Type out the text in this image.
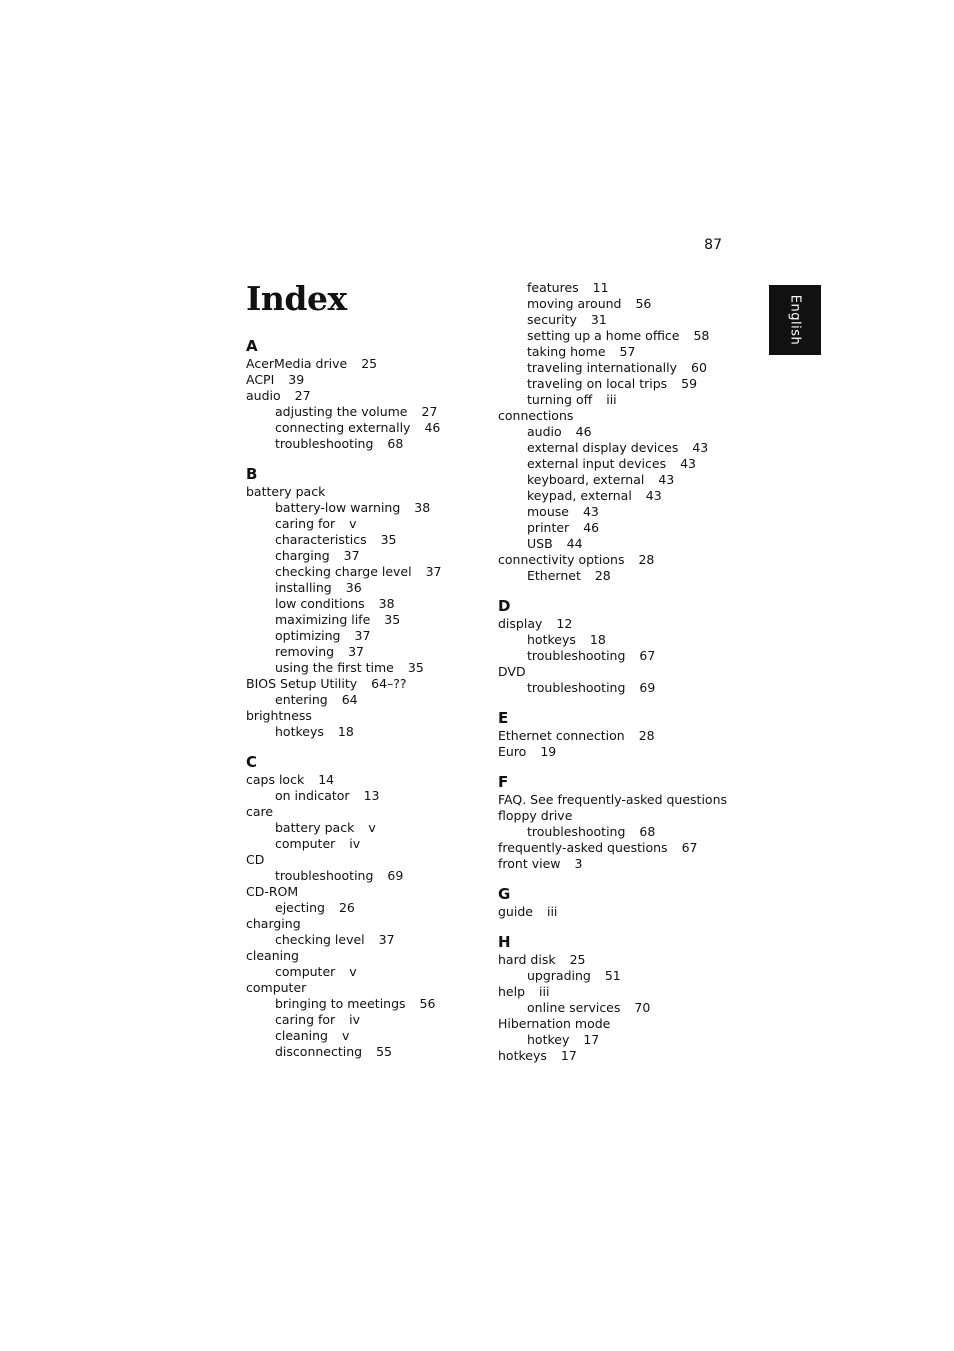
87
English
Index
A
AcerMedia drive 25
ACPI 39
audio 27
adjusting the volume 27
connecting externally 46
troubleshooting 68
B
battery pack
battery-low warning 38
caring for v
characteristics 35
charging 37
checking charge level 37
installing 36
low conditions 38
maximizing life 35
optimizing 37
removing 37
using the first time 35
BIOS Setup Utility 64–??
entering 64
brightness
hotkeys 18
C
caps lock 14
on indicator 13
care
battery pack v
computer iv
CD
troubleshooting 69
CD-ROM
ejecting 26
charging
checking level 37
cleaning
computer v
computer
bringing to meetings 56
caring for iv
cleaning v
disconnecting 55
features 11
moving around 56
security 31
setting up a home office 58
taking home 57
traveling internationally 60
traveling on local trips 59
turning off iii
connections
audio 46
external display devices 43
external input devices 43
keyboard, external 43
keypad, external 43
mouse 43
printer 46
USB 44
connectivity options 28
Ethernet 28
D
display 12
hotkeys 18
troubleshooting 67
DVD
troubleshooting 69
E
Ethernet connection 28
Euro 19
F
FAQ. See frequently-asked questions
floppy drive
troubleshooting 68
frequently-asked questions 67
front view 3
G
guide iii
H
hard disk 25
upgrading 51
help iii
online services 70
Hibernation mode
hotkey 17
hotkeys 17
